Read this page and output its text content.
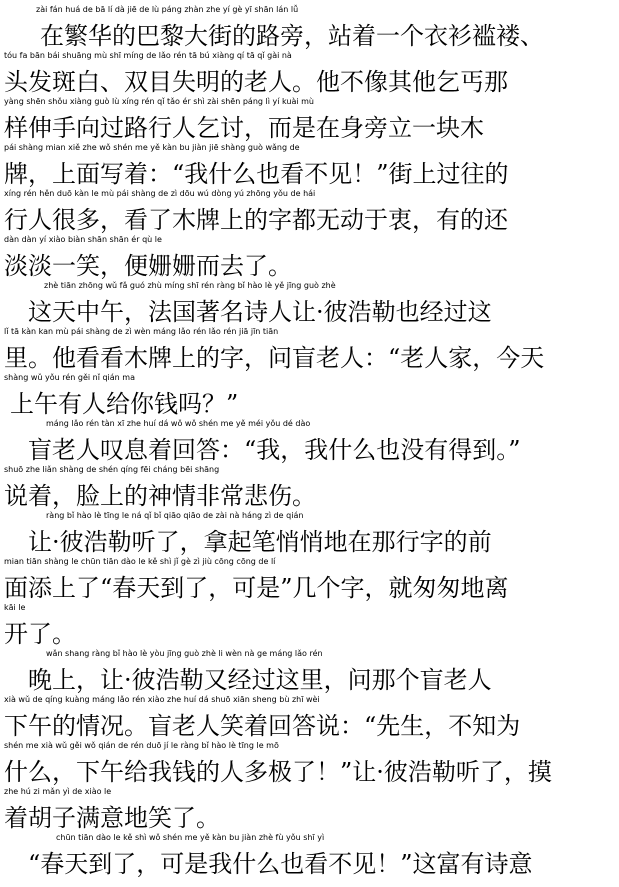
zài fán huá de bā lí dà jiē de lù páng zhàn zhe yí gè yī shān lán lǚ
在繁华的巴黎大街的路旁，站着一个衣衫褴褛、
tóu fa bān bái shuāng mù shī míng de lǎo rén tā bú xiàng qí tā qǐ gài nà
头发斑白、双目失明的老人。他不像其他乞丐那
yàng shēn shǒu xiàng guò lù xíng rén qǐ tǎo ér shì zài shēn páng lì yí kuài mù
样伸手向过路行人乞讨，而是在身旁立一块木
pái shàng mian xiě zhe wǒ shén me yě kàn bu jiàn jiē shàng guò wǎng de
牌，上面写着：“我什么也看不见！”街上过往的
xíng rén hěn duō kàn le mù pái shàng de zì dōu wú dòng yú zhōng yǒu de hái
行人很多，看了木牌上的字都无动于衷，有的还
dàn dàn yí xiào biàn shān shān ér qù le
淡淡一笑，便姗姗而去了。
zhè tiān zhōng wǔ fǎ guó zhù míng shī rén ràng bǐ hào lè yě jīng guò zhè
　这天中午，法国著名诗人让·彼浩勒也经过这
lǐ tā kàn kan mù pái shàng de zì wèn máng lǎo rén lǎo rén jiā jīn tiān
里。他看看木牌上的字，问盲老人：“老人家，今天
shàng wǔ yǒu rén gěi nǐ qián ma
上午有人给你钱吗？”
máng lǎo rén tàn xī zhe huí dá wǒ wǒ shén me yě méi yǒu dé dào
　盲老人叹息着回答：“我，我什么也没有得到。”
shuō zhe liǎn shàng de shén qíng fēi cháng bēi shāng
说着，脸上的神情非常悲伤。
ràng bǐ hào lè tīng le ná qǐ bǐ qiāo qiāo de zài nà háng zì de qián
　让·彼浩勒听了，拿起笔悄悄地在那行字的前
mian tiān shàng le chūn tiān dào le kě shì jǐ gè zì jiù cōng cōng de lí
面添上了“春天到了，可是”几个字，就匆匆地离
kāi le
开了。
wǎn shang ràng bǐ hào lè yòu jīng guò zhè li wèn nà ge máng lǎo rén
　晚上，让·彼浩勒又经过这里，问那个盲老人
xià wǔ de qíng kuàng máng lǎo rén xiào zhe huí dá shuō xiān sheng bù zhī wèi
下午的情况。盲老人笑着回答说：“先生，不知为
shén me xià wǔ gěi wǒ qián de rén duō jí le ràng bǐ hào lè tīng le mō
什么，下午给我钱的人多极了！”让·彼浩勒听了，摸
zhe hú zi mǎn yì de xiào le
着胡子满意地笑了。
chūn tiān dào le kě shì wǒ shén me yě kàn bu jiàn zhè fù yǒu shī yì
　“春天到了，可是我什么也看不见！”这富有诗意
